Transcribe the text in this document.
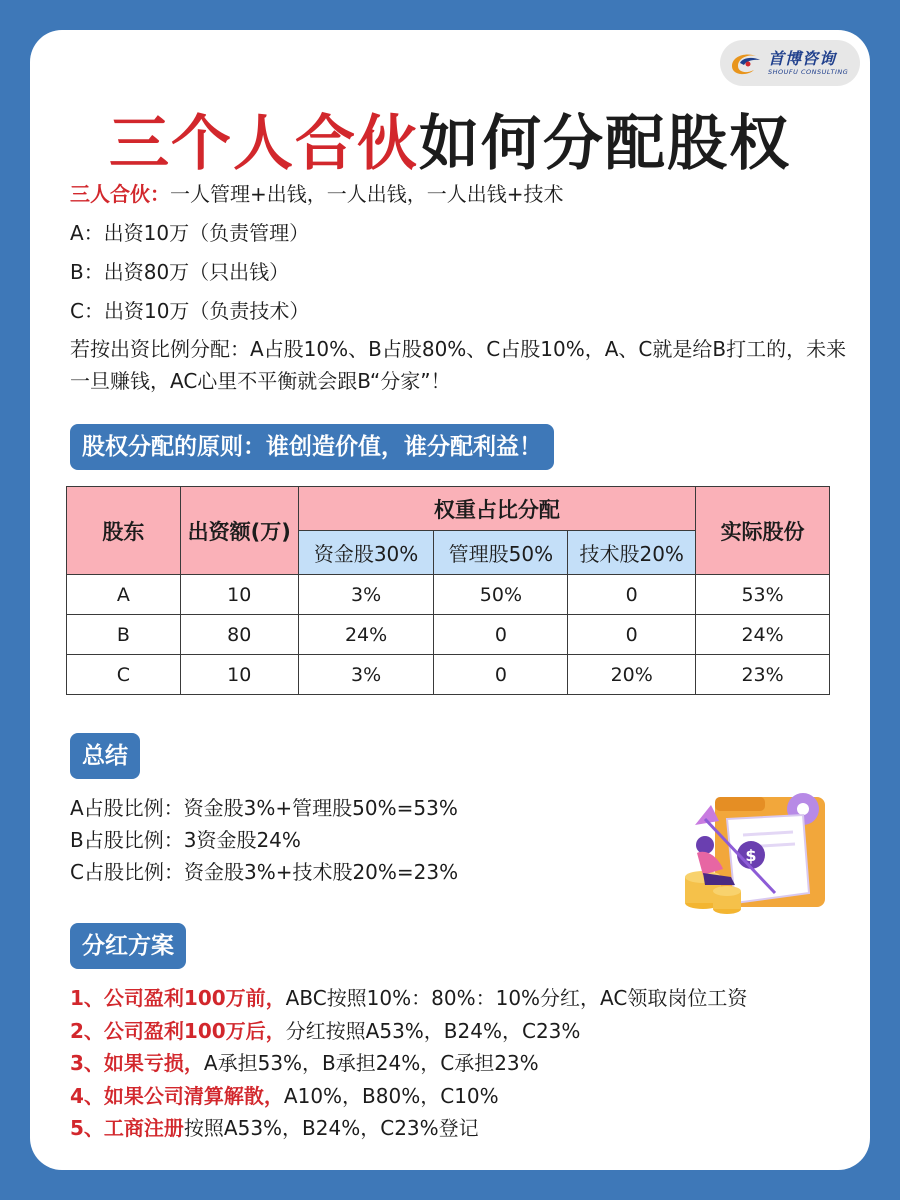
首博咨询
SHOUFU CONSULTING
三个人合伙如何分配股权

三人合伙：一人管理+出钱，一人出钱，一人出钱+技术

A：出资10万（负责管理）

B：出资80万（只出钱）

C：出资10万（负责技术）

若按出资比例分配：A占股10%、B占股80%、C占股10%，A、C就是给B打工的，未来一旦赚钱，AC心里不平衡就会跟B“分家”！

股权分配的原则：谁创造价值，谁分配利益！
股东	出资额(万)	权重占比分配			实际股份
		资金股30%	管理股50%	技术股20%	
A	10	3%	50%	0	53%
B	80	24%	0	0	24%
C	10	3%	0	20%	23%
总结

A占股比例：资金股3%+管理股50%=53%

B占股比例：3资金股24%

C占股比例：资金股3%+技术股20%=23%

$
分红方案

1、公司盈利100万前，ABC按照10%：80%：10%分红，AC领取岗位工资

2、公司盈利100万后，分红按照A53%，B24%，C23%

3、如果亏损，A承担53%，B承担24%，C承担23%

4、如果公司清算解散，A10%，B80%，C10%

5、工商注册按照A53%，B24%，C23%登记
